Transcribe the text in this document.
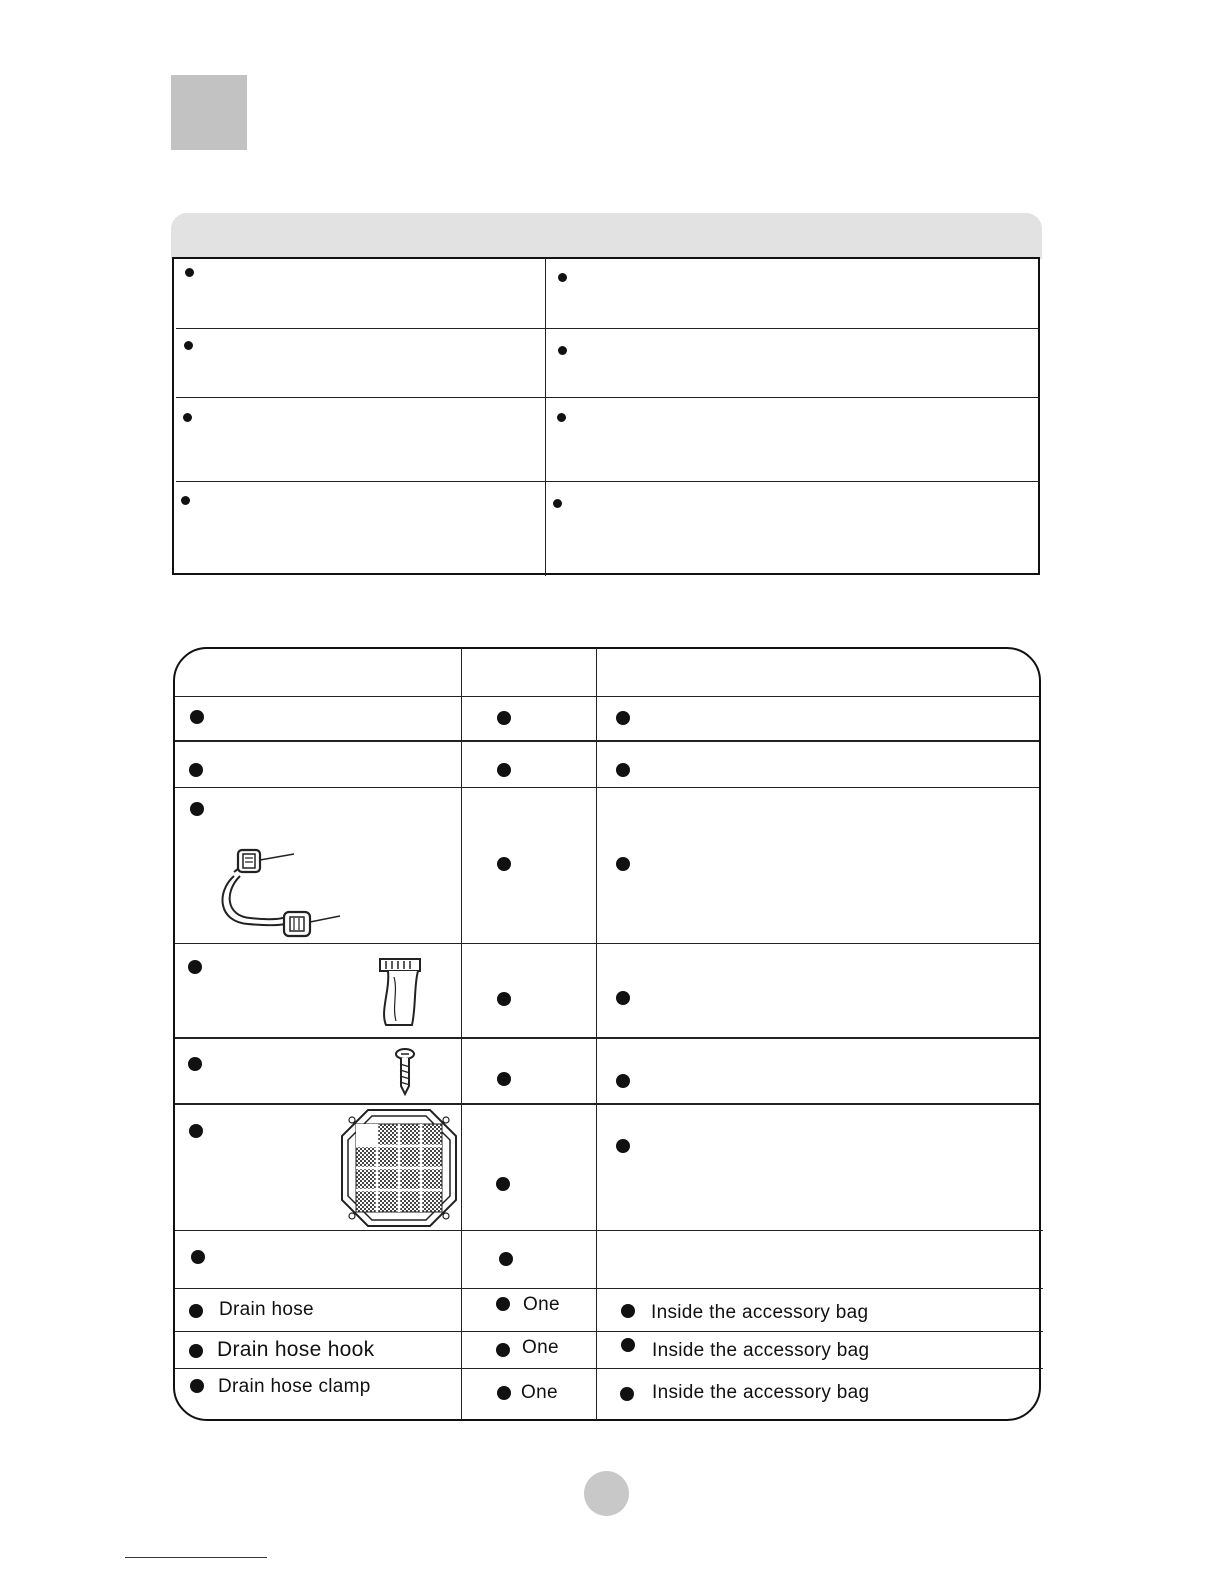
Drain hose	One	Inside the accessory bag
Drain hose hook	One	Inside the accessory bag
Drain hose clamp	One	Inside the accessory bag
